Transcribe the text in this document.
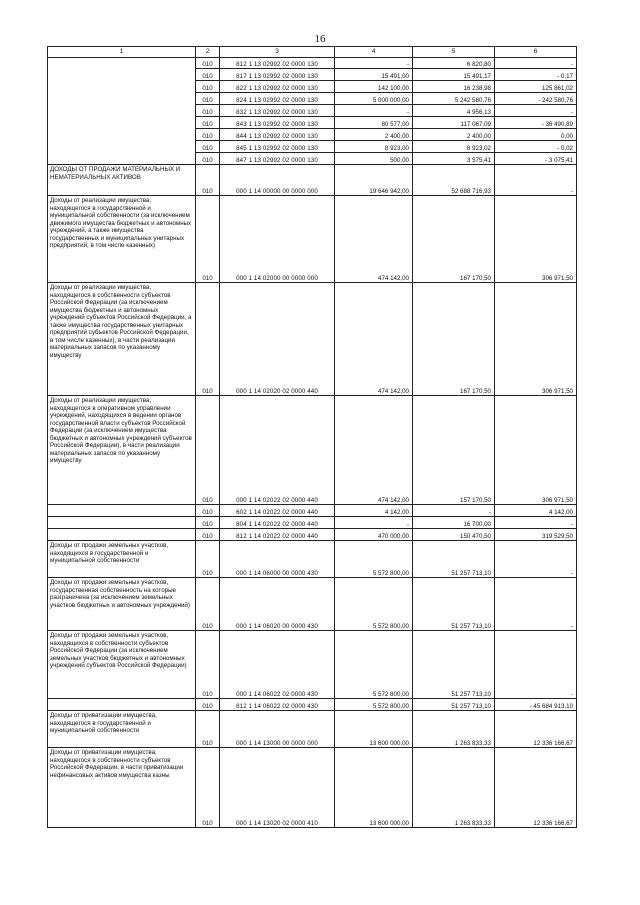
16
1	2	3	4	5	6

	010	812 1 13 02992 02 0000 130	-	6 820,80	-
	010	817 1 13 02992 02 0000 130	15 491,00	15 491,17	- 0,17
	010	822 1 13 02992 02 0000 130	142 100,00	16 238,98	125 861,02
	010	824 1 13 02992 02 0000 130	5 000 000,00	5 242 580,76	- 242 580,76
	010	832 1 13 02992 02 0000 130	-	4 956,13	-
	010	843 1 13 02992 02 0000 130	80 577,00	117 067,09	- 36 490,89
	010	844 1 13 02992 02 0000 130	2 400,00	2 400,00	0,00
	010	845 1 13 02992 02 0000 130	8 923,00	8 923,02	- 0,02
	010	847 1 13 02992 02 0000 130	500,00	3 575,41	- 3 075,41

ДОХОДЫ ОТ ПРОДАЖИ МАТЕРИАЛЬНЫХ И НЕМАТЕРИАЛЬНЫХ АКТИВОВ	010	000 1 14 00000 00 0000 000	19 646 942,00	52 688 716,93	-

Доходы от реализации имущества, находящегося в государственной и муниципальной собственности (за исключением движимого имущества бюджетных и автономных учреждений, а также имущества государственных и муниципальных унитарных предприятий, в том числе казенных)	010	000 1 14 02000 00 0000 000	474 142,00	167 170,50	306 971,50

Доходы от реализации имущества, находящегося в собственности субъектов Российской Федерации (за исключением имущества бюджетных и автономных учреждений субъектов Российской Федерации, а также имущества государственных унитарных предприятий субъектов Российской Федерации, в том числе казенных), в части реализации материальных запасов по указанному имуществу	010	000 1 14 02020 02 0000 440	474 142,00	167 170,50	306 971,50

Доходы от реализации имущества, находящегося в оперативном управлении учреждений, находящихся в ведении органов государственной власти субъектов Российской Федерации (за исключением имущества бюджетных и автономных учреждений субъектов Российской Федерации), в части реализации материальных запасов по указанному имуществу	010	000 1 14 02022 02 0000 440	474 142,00	157 170,50	306 971,50

	010	602 1 14 02022 02 0000 440	4 142,00	-	4 142,00

	010	804 1 14 02022 02 0000 440	-	16 700,00	-

	010	812 1 14 02022 02 0000 440	470 000,00	150 470,50	319 529,50

Доходы от продажи земельных участков, находящихся в государственной и муниципальной собственности	010	000 1 14 06000 00 0000 430	5 572 800,00	51 257 713,10	-

Доходы от продажи земельных участков, государственная собственность на которые разграничена (за исключением земельных участков бюджетных и автономных учреждений)	010	000 1 14 06020 00 0000 430	5 572 800,00	51 257 713,10	-

Доходы от продажи земельных участков, находящихся в собственности субъектов Российской Федерации (за исключением земельных участков бюджетных и автономных учреждений субъектов Российской Федерации)	010	000 1 14 06022 02 0000 430	5 572 800,00	51 257 713,10	-

	010	812 1 14 06022 02 0000 430	5 572 800,00	51 257 713,10	- 45 684 913,10

Доходы от приватизации имущества, находящегося в государственной и муниципальной собственности	010	000 1 14 13000 00 0000 000	13 600 000,00	1 263 833,33	12 336 166,67

Доходы от приватизации имущества, находящегося в собственности субъектов Российской Федерации, в части приватизации нефинансовых активов имущества казны	010	000 1 14 13020 02 0000 410	13 600 000,00	1 263 833,33	12 336 166,67
